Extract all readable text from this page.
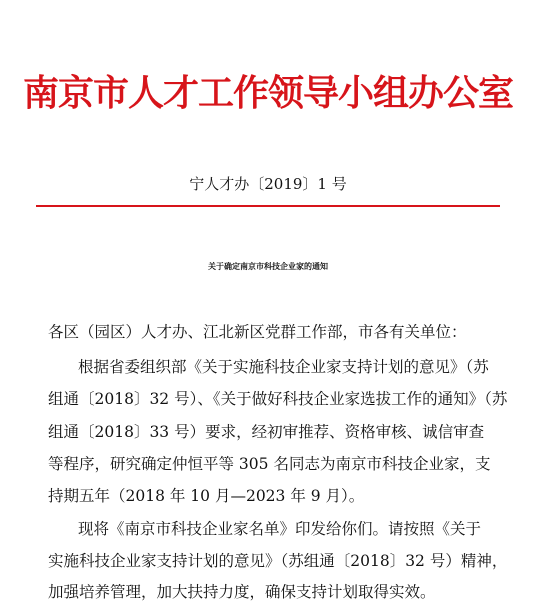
南京市人才工作领导小组办公室
宁人才办〔2019〕1 号
关于确定南京市科技企业家的通知
各区（园区）人才办、江北新区党群工作部，市各有关单位：
根据省委组织部《关于实施科技企业家支持计划的意见》（苏
组通〔2018〕32 号）、《关于做好科技企业家选拔工作的通知》（苏
组通〔2018〕33 号）要求，经初审推荐、资格审核、诚信审查
等程序，研究确定仲恒平等 305 名同志为南京市科技企业家，支
持期五年（2018 年 10 月—2023 年 9 月）。
现将《南京市科技企业家名单》印发给你们。请按照《关于
实施科技企业家支持计划的意见》（苏组通〔2018〕32 号）精神，
加强培养管理，加大扶持力度，确保支持计划取得实效。
